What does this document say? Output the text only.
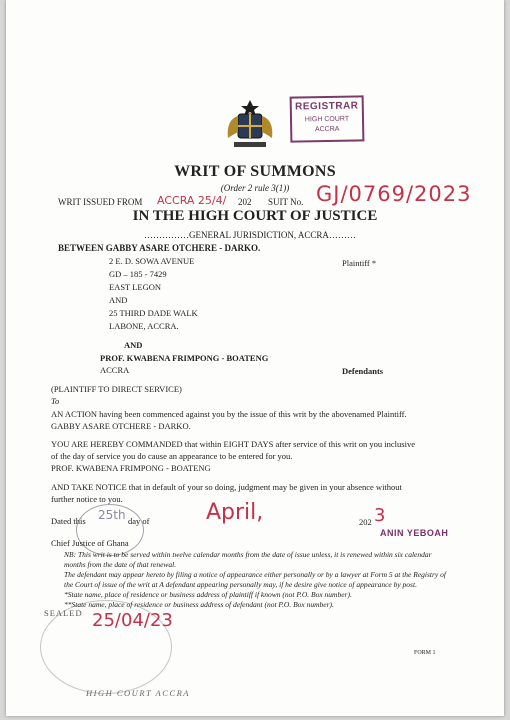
REGISTRAR
HIGH COURT
ACCRA
WRIT OF SUMMONS
(Order 2 rule 3(1))
WRIT ISSUED FROM ACCRA 25/4/ 202 SUIT No. GJ/0769/2023
IN THE HIGH COURT OF JUSTICE
……………GENERAL JURISDICTION, ACCRA………
BETWEEN GABBY ASARE OTCHERE - DARKO.
2 E. D. SOWA AVENUE
GD – 185 - 7429
EAST LEGON
AND
25 THIRD DADE WALK
LABONE, ACCRA.
Plaintiff *
AND
PROF. KWABENA FRIMPONG - BOATENG
ACCRA	Defendants
(PLAINTIFF TO DIRECT SERVICE)
To
AN ACTION having been commenced against you by the issue of this writ by the abovenamed Plaintiff.
GABBY ASARE OTCHERE - DARKO.
YOU ARE HEREBY COMMANDED that within EIGHT DAYS after service of this writ on you inclusive
of the day of service you do cause an appearance to be entered for you.
PROF. KWABENA FRIMPONG - BOATENG
AND TAKE NOTICE that in default of your so doing, judgment may be given in your absence without
further notice to you.
Dated this 25th day of	April,	202 3
ANIN YEBOAH
Chief Justice of Ghana
NB: This writ is to be served within twelve calendar months from the date of issue unless, it is renewed within six calendar
months from the date of that renewal.
The defendant may appear hereto by filing a notice of appearance either personally or by a lawyer at Form 5 at the Registry of
the Court of issue of the writ at A defendant appearing personally may, if he desire give notice of appearance by post.
*State name, place of residence or business address of plaintiff if known (not P.O. Box number).
**State name, place of residence or business address of defendant (not P.O. Box number).
SEALED 25/04/23
HIGH COURT ACCRA
FORM 1
